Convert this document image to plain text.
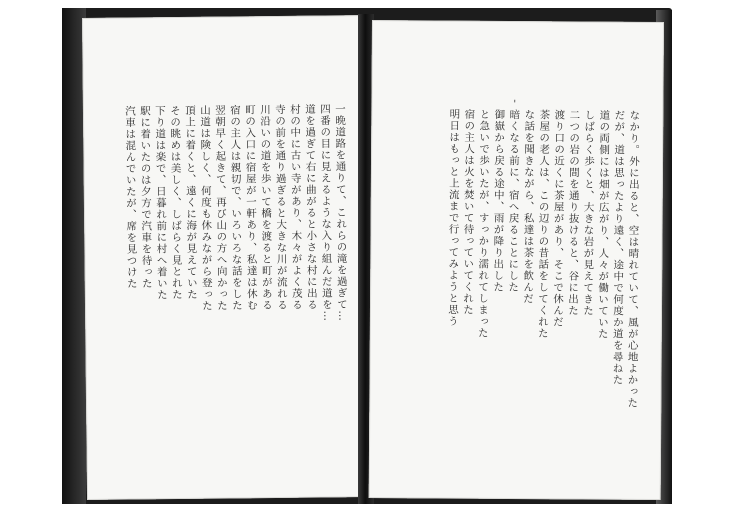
一晩道路を通りて、これらの滝を過ぎて…
四番の目に見えるような入り組んだ道を…
道を過ぎて右に曲がると小さな村に出る
村の中に古い寺があり、木々がよく茂る
寺の前を通り過ぎると大きな川が流れる
川沿いの道を歩いて橋を渡ると町がある
町の入口に宿屋が一軒あり、私達は休む
宿の主人は親切で、いろいろな話をした
翌朝早く起きて、再び山の方へ向かった
山道は険しく、何度も休みながら登った
頂上に着くと、遠くに海が見えていた
その眺めは美しく、しばらく見とれた
下り道は楽で、日暮れ前に村へ着いた
駅に着いたのは夕方で汽車を待った
汽車は混んでいたが、席を見つけた
'
なかり。外に出ると、空は晴れていて、風が心地よかった
だが、道は思ったより遠く、途中で何度か道を尋ねた
道の両側には畑が広がり、人々が働いていた
しばらく歩くと、大きな岩が見えてきた
二つの岩の間を通り抜けると、谷に出た
渡り口の近くに茶屋があり、そこで休んだ
茶屋の老人は、この辺りの昔話をしてくれた
な話を聞きながら、私達は茶を飲んだ
暗くなる前に、宿へ戻ることにした
御嶽から戻る途中、雨が降り出した
と急いで歩いたが、すっかり濡れてしまった
宿の主人は火を焚いて待っていてくれた
明日はもっと上流まで行ってみようと思う
